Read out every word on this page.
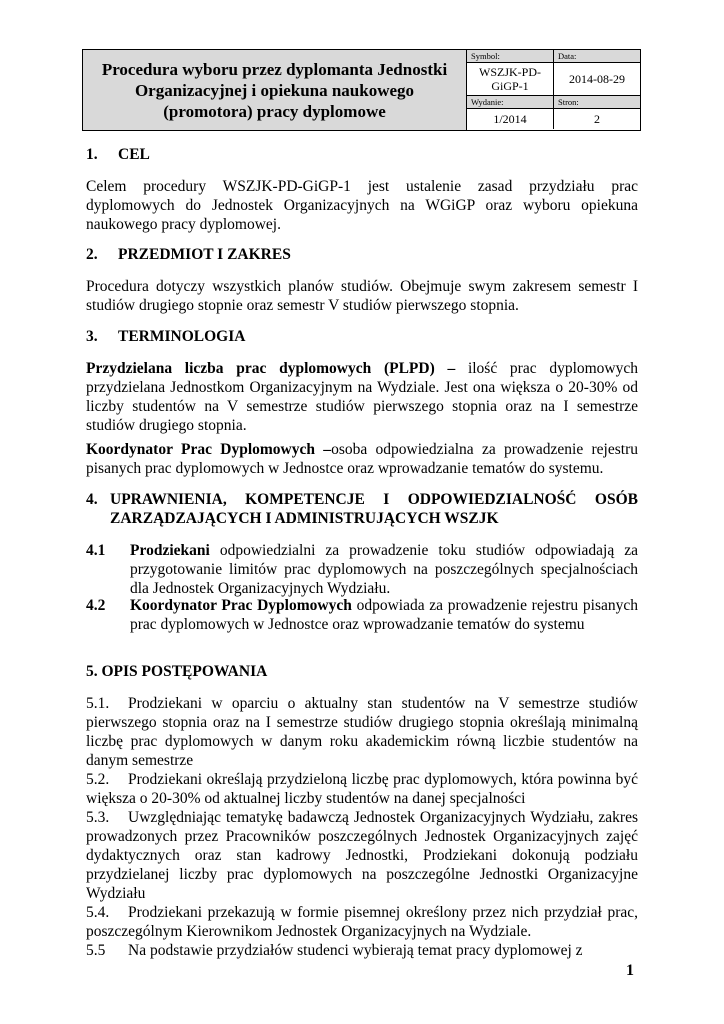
Procedura wyboru przez dyplomanta Jednostki Organizacyjnej i opiekuna naukowego (promotora) pracy dyplomowe
Symbol:
WSZJK-PD-GiGP-1
Data:
2014-08-29
Wydanie:
1/2014
Stron:
2
1. CEL
Celem procedury WSZJK-PD-GiGP-1 jest ustalenie zasad przydziału prac dyplomowych do Jednostek Organizacyjnych na WGiGP oraz wyboru opiekuna naukowego pracy dyplomowej.
2. PRZEDMIOT I ZAKRES
Procedura dotyczy wszystkich planów studiów. Obejmuje swym zakresem semestr I studiów drugiego stopnie oraz semestr V studiów pierwszego stopnia.
3. TERMINOLOGIA
Przydzielana liczba prac dyplomowych (PLPD) – ilość prac dyplomowych przydzielana Jednostkom Organizacyjnym na Wydziale. Jest ona większa o 20-30% od liczby studentów na V semestrze studiów pierwszego stopnia oraz na I semestrze studiów drugiego stopnia.
Koordynator Prac Dyplomowych –osoba odpowiedzialna za prowadzenie rejestru pisanych prac dyplomowych w Jednostce oraz wprowadzanie tematów do systemu.
4. UPRAWNIENIA, KOMPETENCJE I ODPOWIEDZIALNOŚĆ OSÓB ZARZĄDZAJĄCYCH I ADMINISTRUJĄCYCH WSZJK
4.1 Prodziekani odpowiedzialni za prowadzenie toku studiów odpowiadają za przygotowanie limitów prac dyplomowych na poszczególnych specjalnościach dla Jednostek Organizacyjnych Wydziału.
4.2 Koordynator Prac Dyplomowych odpowiada za prowadzenie rejestru pisanych prac dyplomowych w Jednostce oraz wprowadzanie tematów do systemu
5. OPIS POSTĘPOWANIA
5.1. Prodziekani w oparciu o aktualny stan studentów na V semestrze studiów pierwszego stopnia oraz na I semestrze studiów drugiego stopnia określają minimalną liczbę prac dyplomowych w danym roku akademickim równą liczbie studentów na danym semestrze
5.2. Prodziekani określają przydzieloną liczbę prac dyplomowych, która powinna być większa o 20-30% od aktualnej liczby studentów na danej specjalności
5.3. Uwzględniając tematykę badawczą Jednostek Organizacyjnych Wydziału, zakres prowadzonych przez Pracowników poszczególnych Jednostek Organizacyjnych zajęć dydaktycznych oraz stan kadrowy Jednostki, Prodziekani dokonują podziału przydzielanej liczby prac dyplomowych na poszczególne Jednostki Organizacyjne Wydziału
5.4. Prodziekani przekazują w formie pisemnej określony przez nich przydział prac, poszczególnym Kierownikom Jednostek Organizacyjnych na Wydziale.
5.5 Na podstawie przydziałów studenci wybierają temat pracy dyplomowej z
1
